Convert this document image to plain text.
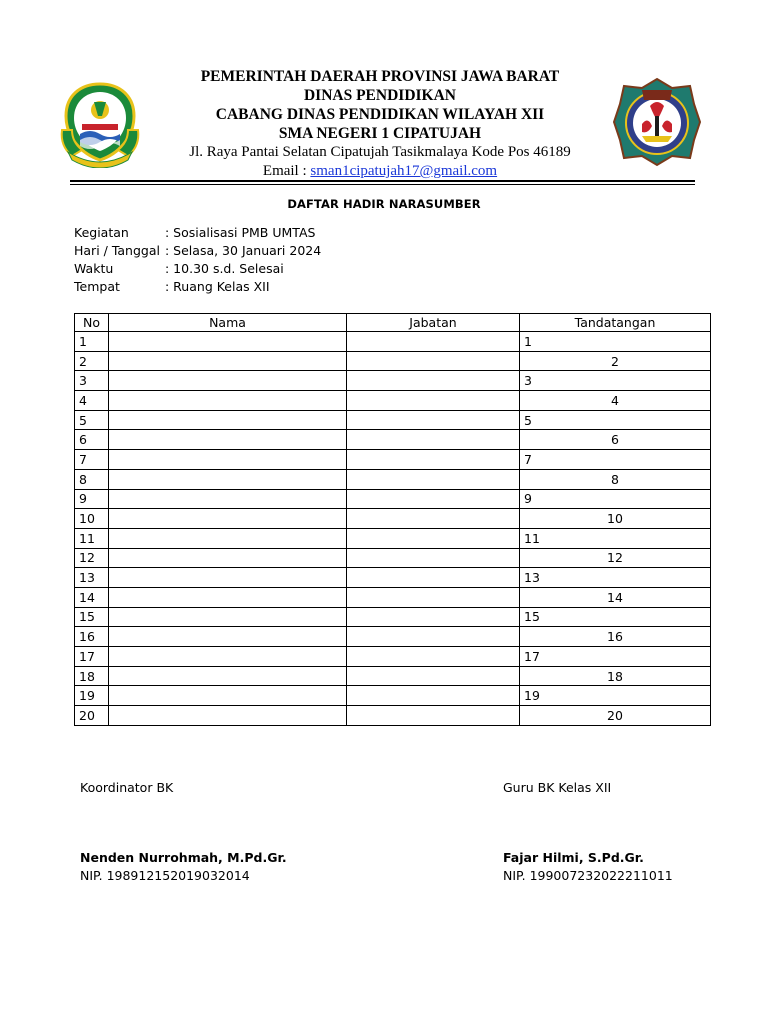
PEMERINTAH DAERAH PROVINSI JAWA BARAT
DINAS PENDIDIKAN
CABANG DINAS PENDIDIKAN WILAYAH XII
SMA NEGERI 1 CIPATUJAH
Jl. Raya Pantai Selatan Cipatujah Tasikmalaya Kode Pos 46189
Email : sman1cipatujah17@gmail.com
DAFTAR HADIR NARASUMBER
Kegiatan	: Sosialisasi PMB UMTAS
Hari / Tanggal : Selasa, 30 Januari 2024
Waktu	: 10.30 s.d. Selesai
Tempat	: Ruang Kelas XII
No	Nama	Jabatan	Tandatangan
1			1
2			2
3			3
4			4
5			5
6			6
7			7
8			8
9			9
10			10
11			11
12			12
13			13
14			14
15			15
16			16
17			17
18			18
19			19
20			20
Koordinator BK
Nenden Nurrohmah, M.Pd.Gr.
NIP. 198912152019032014
Guru BK Kelas XII
Fajar Hilmi, S.Pd.Gr.
NIP. 199007232022211011
